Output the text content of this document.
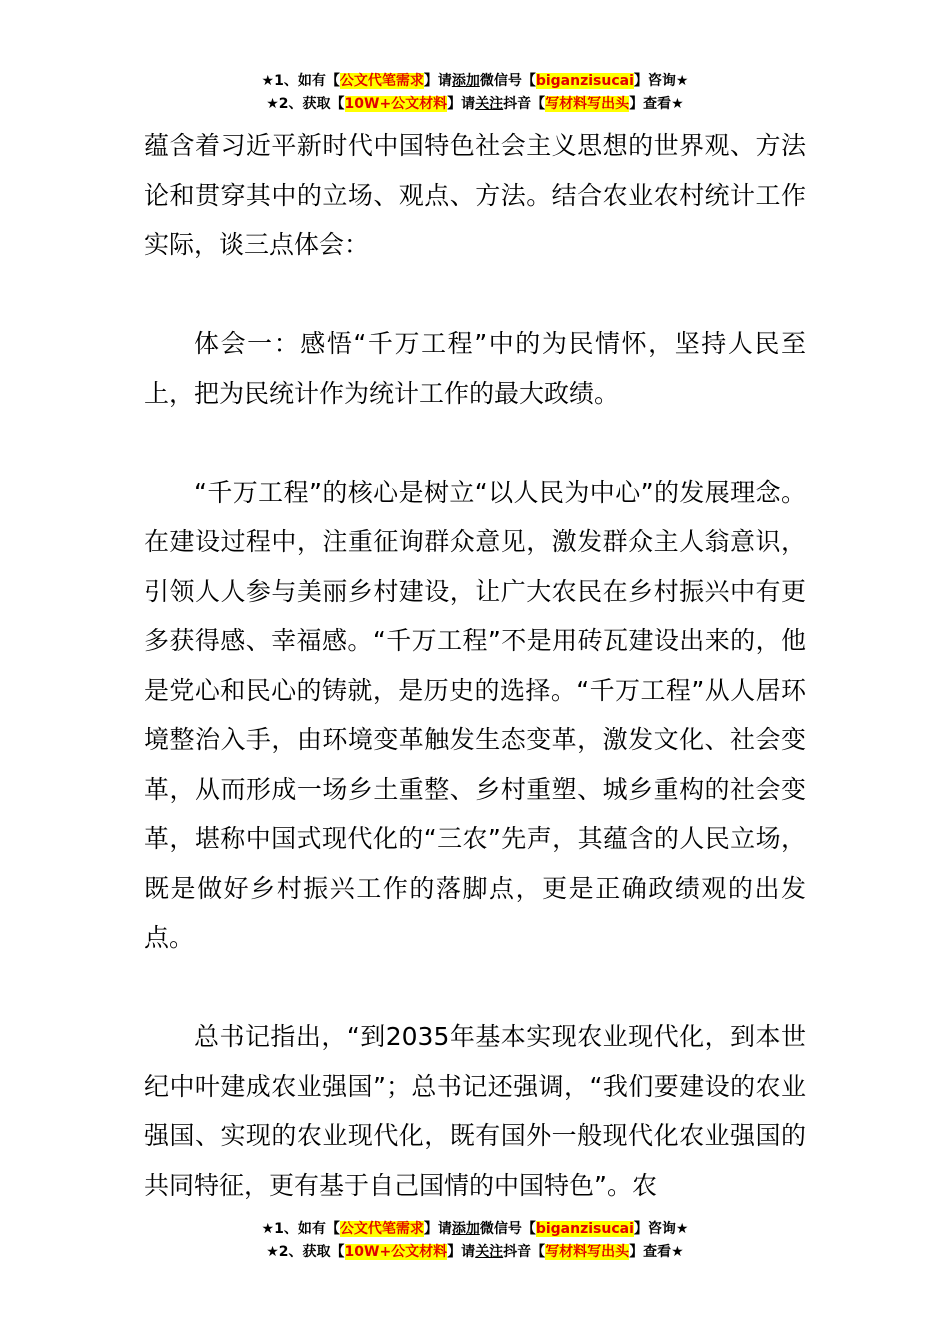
★1、如有【公文代笔需求】请添加微信号【biganzisucai】咨询★
★2、获取【10W+公文材料】请关注抖音【写材料写出头】查看★

蕴含着习近平新时代中国特色社会主义思想的世界观、方法论和贯穿其中的立场、观点、方法。结合农业农村统计工作实际，谈三点体会：

体会一：感悟“千万工程”中的为民情怀，坚持人民至上，把为民统计作为统计工作的最大政绩。

“千万工程”的核心是树立“以人民为中心”的发展理念。在建设过程中，注重征询群众意见，激发群众主人翁意识，引领人人参与美丽乡村建设，让广大农民在乡村振兴中有更多获得感、幸福感。“千万工程”不是用砖瓦建设出来的，他是党心和民心的铸就，是历史的选择。“千万工程”从人居环境整治入手，由环境变革触发生态变革，激发文化、社会变革，从而形成一场乡土重整、乡村重塑、城乡重构的社会变革，堪称中国式现代化的“三农”先声，其蕴含的人民立场，既是做好乡村振兴工作的落脚点，更是正确政绩观的出发点。

总书记指出，“到2035年基本实现农业现代化，到本世纪中叶建成农业强国”；总书记还强调，“我们要建设的农业强国、实现的农业现代化，既有国外一般现代化农业强国的共同特征，更有基于自己国情的中国特色”。农

★1、如有【公文代笔需求】请添加微信号【biganzisucai】咨询★
★2、获取【10W+公文材料】请关注抖音【写材料写出头】查看★
